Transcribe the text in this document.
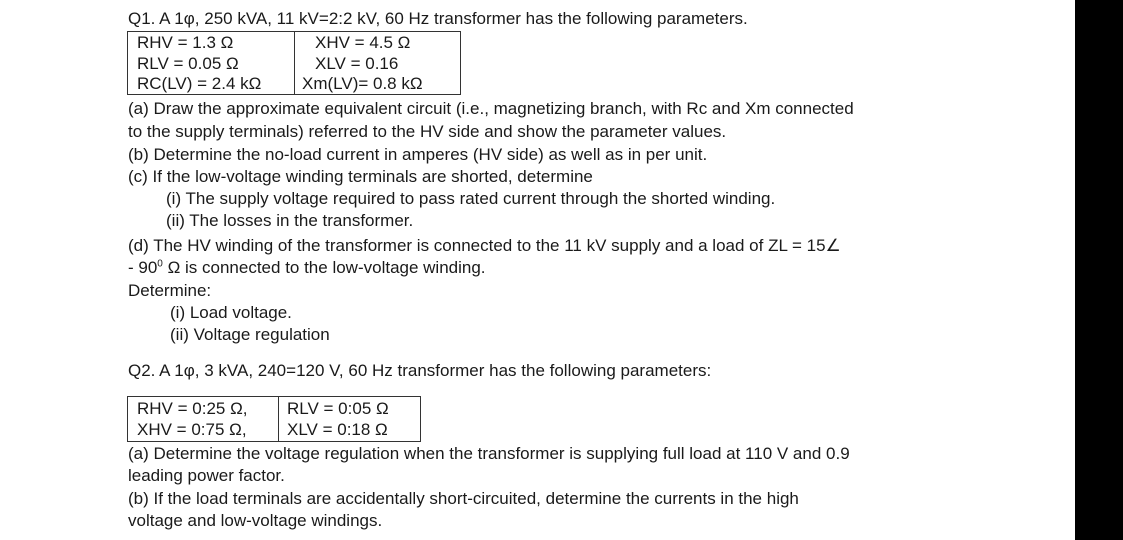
Q1. A 1φ, 250 kVA, 11 kV=2:2 kV, 60 Hz transformer has the following parameters.
RHV = 1.3 Ω	XHV = 4.5 Ω
RLV = 0.05 Ω	XLV = 0.16
RC(LV) = 2.4 kΩ Xm(LV)= 0.8 kΩ
(a) Draw the approximate equivalent circuit (i.e., magnetizing branch, with Rc and Xm connected
to the supply terminals) referred to the HV side and show the parameter values.
(b) Determine the no-load current in amperes (HV side) as well as in per unit.
(c) If the low-voltage winding terminals are shorted, determine
(i) The supply voltage required to pass rated current through the shorted winding.
(ii) The losses in the transformer.
(d) The HV winding of the transformer is connected to the 11 kV supply and a load of ZL = 15∠
- $90^0$ Ω is connected to the low-voltage winding.
Determine:
(i) Load voltage.
(ii) Voltage regulation
Q2. A 1φ, 3 kVA, 240=120 V, 60 Hz transformer has the following parameters:
RHV = 0:25 Ω, RLV = 0:05 Ω
XHV = 0:75 Ω, XLV = 0:18 Ω
(a) Determine the voltage regulation when the transformer is supplying full load at 110 V and 0.9
leading power factor.
(b) If the load terminals are accidentally short-circuited, determine the currents in the high
voltage and low-voltage windings.
